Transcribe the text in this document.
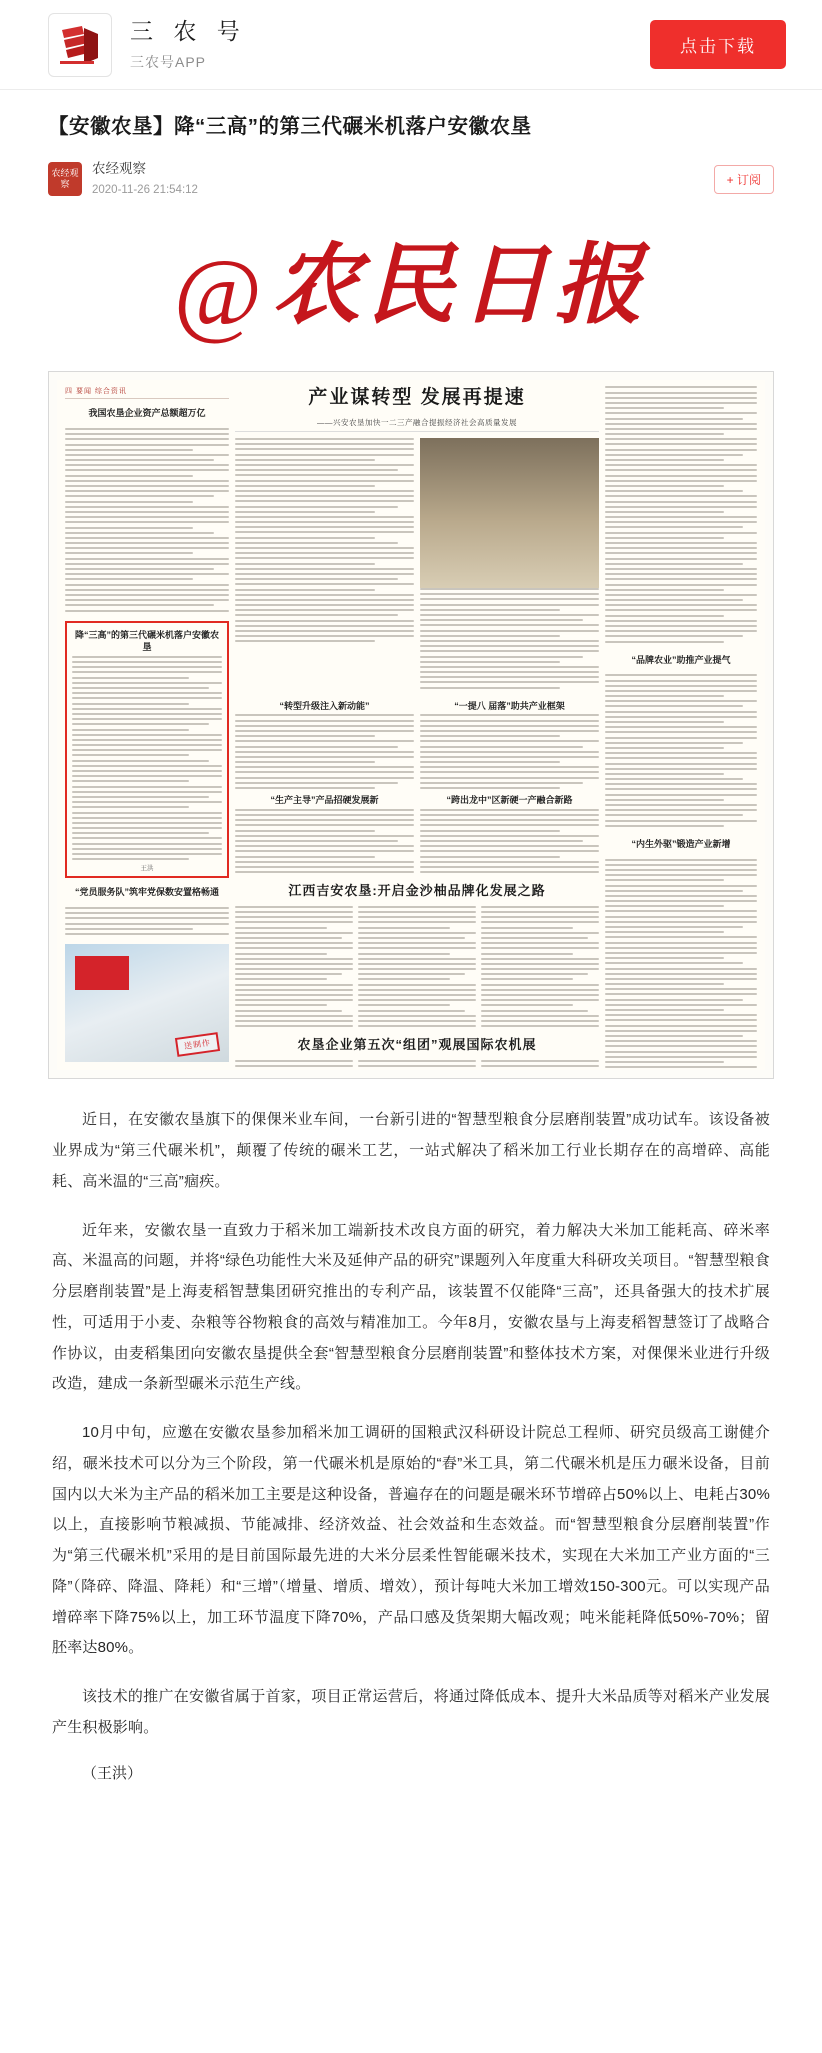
三 农 号
三农号APP
点击下载
【安徽农垦】降“三高”的第三代碾米机落户安徽农垦
农经观察
农经观察
2020-11-26 21:54:12
+ 订阅
@ 农民日报
四 要闻 综合资讯
我国农垦企业资产总额超万亿
降“三高”的第三代碾米机落户安徽农垦
王洪
“党员服务队”筑牢党保数安置格畅通
送制作
产业谋转型 发展再提速
——兴安农垦加快一二三产融合提振经济社会高质量发展
“转型升级注入新动能”
“生产主导”产品招硬发展新
“一提八 届落”助共产业框架
“跨出龙中”区新硬一产融合新路
江西吉安农垦:开启金沙柚品牌化发展之路
农垦企业第五次“组团”观展国际农机展
“品牌农业”助推产业提气
“内生外驱”锻造产业新增

近日，在安徽农垦旗下的倮倮米业车间，一台新引进的“智慧型粮食分层磨削装置”成功试车。该设备被业界成为“第三代碾米机”，颠覆了传统的碾米工艺，一站式解决了稻米加工行业长期存在的高增碎、高能耗、高米温的“三高”痼疾。

近年来，安徽农垦一直致力于稻米加工端新技术改良方面的研究，着力解决大米加工能耗高、碎米率高、米温高的问题，并将“绿色功能性大米及延伸产品的研究”课题列入年度重大科研攻关项目。“智慧型粮食分层磨削装置”是上海麦稻智慧集团研究推出的专利产品，该装置不仅能降“三高”，还具备强大的技术扩展性，可适用于小麦、杂粮等谷物粮食的高效与精准加工。今年8月，安徽农垦与上海麦稻智慧签订了战略合作协议，由麦稻集团向安徽农垦提供全套“智慧型粮食分层磨削装置”和整体技术方案，对倮倮米业进行升级改造，建成一条新型碾米示范生产线。

10月中旬，应邀在安徽农垦参加稻米加工调研的国粮武汉科研设计院总工程师、研究员级高工谢健介绍，碾米技术可以分为三个阶段，第一代碾米机是原始的“舂”米工具，第二代碾米机是压力碾米设备，目前国内以大米为主产品的稻米加工主要是这种设备，普遍存在的问题是碾米环节增碎占50%以上、电耗占30%以上，直接影响节粮减损、节能减排、经济效益、社会效益和生态效益。而“智慧型粮食分层磨削装置”作为“第三代碾米机”采用的是目前国际最先进的大米分层柔性智能碾米技术，实现在大米加工产业方面的“三降”（降碎、降温、降耗）和“三增”（增量、增质、增效），预计每吨大米加工增效150-300元。可以实现产品增碎率下降75%以上，加工环节温度下降70%，产品口感及货架期大幅改观；吨米能耗降低50%-70%；留胚率达80%。

该技术的推广在安徽省属于首家，项目正常运营后，将通过降低成本、提升大米品质等对稻米产业发展产生积极影响。

（王洪）
